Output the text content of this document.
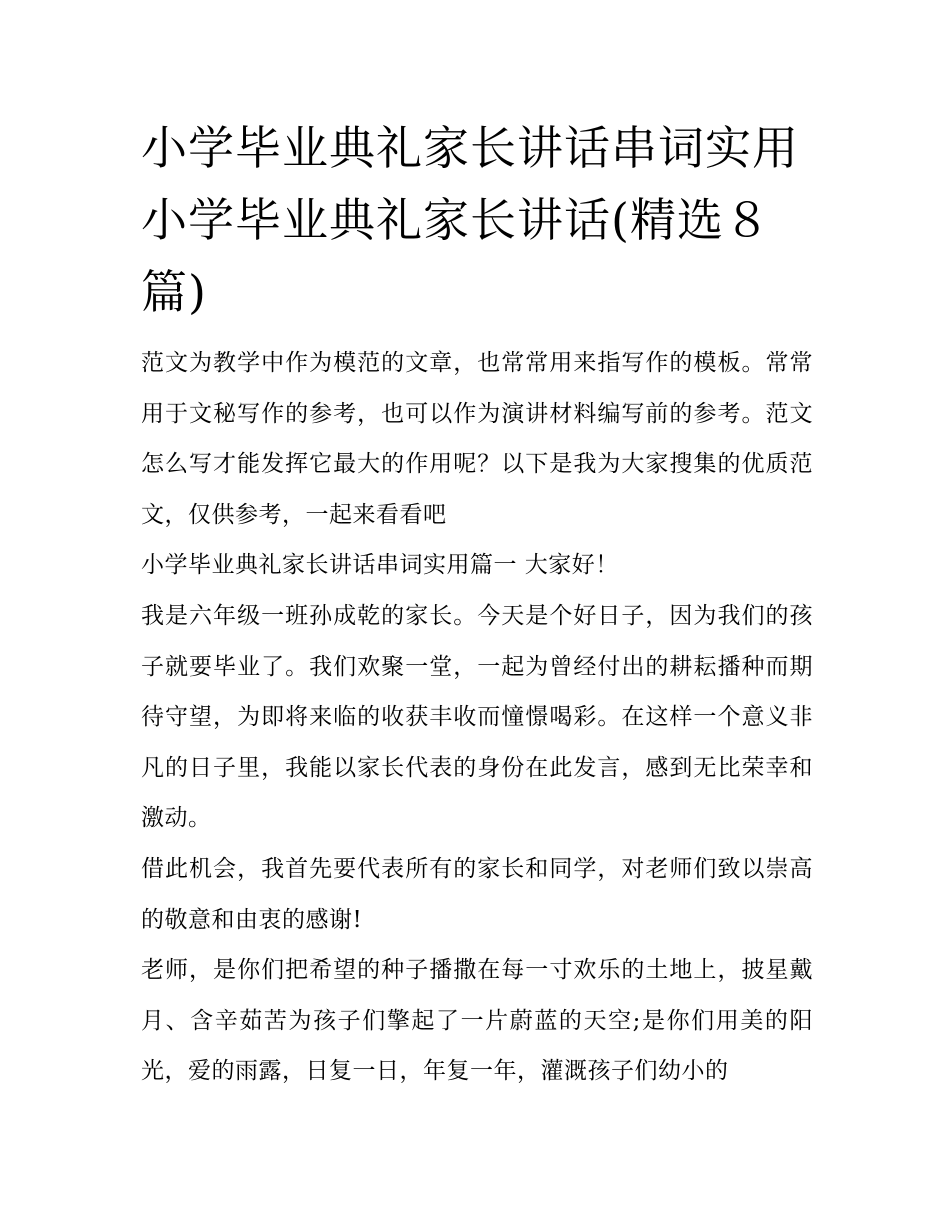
小学毕业典礼家长讲话串词实用 小学毕业典礼家长讲话(精选８篇)

范文为教学中作为模范的文章，也常常用来指写作的模板。常常用于文秘写作的参考，也可以作为演讲材料编写前的参考。范文怎么写才能发挥它最大的作用呢？以下是我为大家搜集的优质范文，仅供参考，一起来看看吧

小学毕业典礼家长讲话串词实用篇一 大家好！

我是六年级一班孙成乾的家长。今天是个好日子，因为我们的孩子就要毕业了。我们欢聚一堂，一起为曾经付出的耕耘播种而期待守望，为即将来临的收获丰收而憧憬喝彩。在这样一个意义非凡的日子里，我能以家长代表的身份在此发言，感到无比荣幸和激动。

借此机会，我首先要代表所有的家长和同学，对老师们致以崇高的敬意和由衷的感谢!

老师，是你们把希望的种子播撒在每一寸欢乐的土地上，披星戴月、含辛茹苦为孩子们擎起了一片蔚蓝的天空;是你们用美的阳光，爱的雨露，日复一日，年复一年，灌溉孩子们幼小的
